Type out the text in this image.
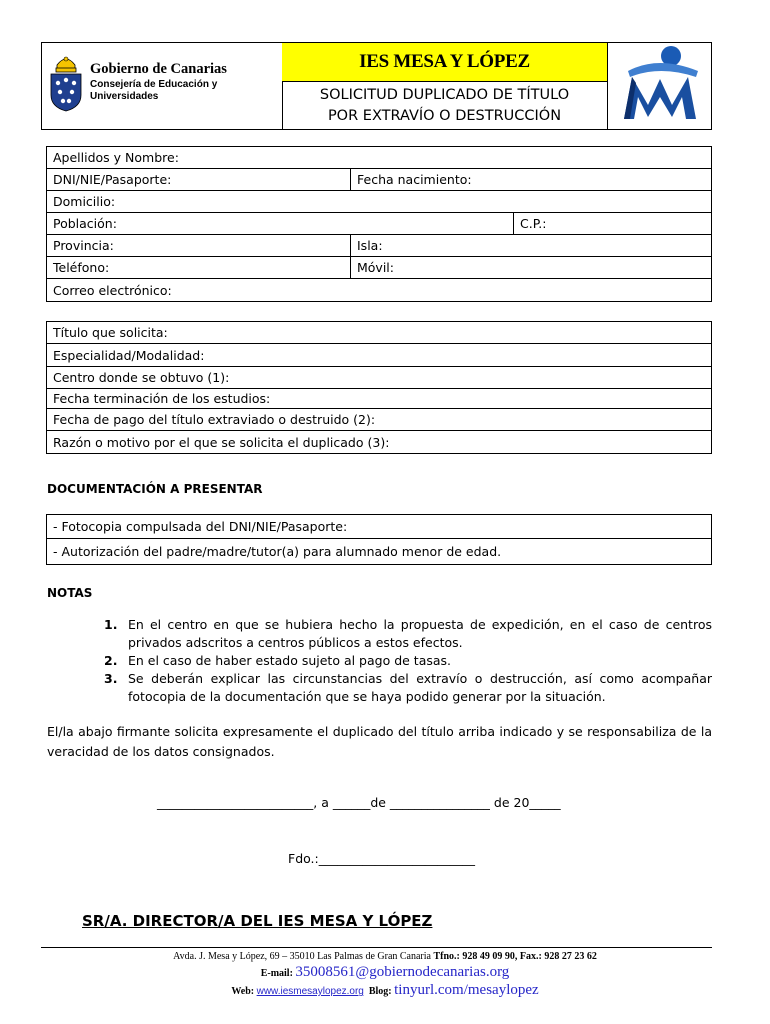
Gobierno de Canarias
Consejería de Educación y Universidades
IES MESA Y LÓPEZ
SOLICITUD DUPLICADO DE TÍTULO
POR EXTRAVÍO O DESTRUCCIÓN
Apellidos y Nombre:
DNI/NIE/Pasaporte:	Fecha nacimiento:
Domicilio:
Población:	C.P.:
Provincia:	Isla:
Teléfono:	Móvil:
Correo electrónico:
Título que solicita:
Especialidad/Modalidad:
Centro donde se obtuvo (1):
Fecha terminación de los estudios:
Fecha de pago del título extraviado o destruido (2):
Razón o motivo por el que se solicita el duplicado (3):
DOCUMENTACIÓN A PRESENTAR
- Fotocopia compulsada del DNI/NIE/Pasaporte:
- Autorización del padre/madre/tutor(a) para alumnado menor de edad.
NOTAS
1. En el centro en que se hubiera hecho la propuesta de expedición, en el caso de centros privados adscritos a centros públicos a estos efectos.
2. En el caso de haber estado sujeto al pago de tasas.
3. Se deberán explicar las circunstancias del extravío o destrucción, así como acompañar fotocopia de la documentación que se haya podido generar por la situación.
El/la abajo firmante solicita expresamente el duplicado del título arriba indicado y se responsabiliza de la veracidad de los datos consignados.
_________________________, a ______de ________________ de 20_____
Fdo.:_________________________
SR/A. DIRECTOR/A DEL IES MESA Y LÓPEZ
Avda. J. Mesa y López, 69 – 35010 Las Palmas de Gran Canaria Tfno.: 928 49 09 90, Fax.: 928 27 23 62
E-mail: 35008561@gobiernodecanarias.org
Web: www.iesmesaylopez.org Blog: tinyurl.com/mesaylopez
